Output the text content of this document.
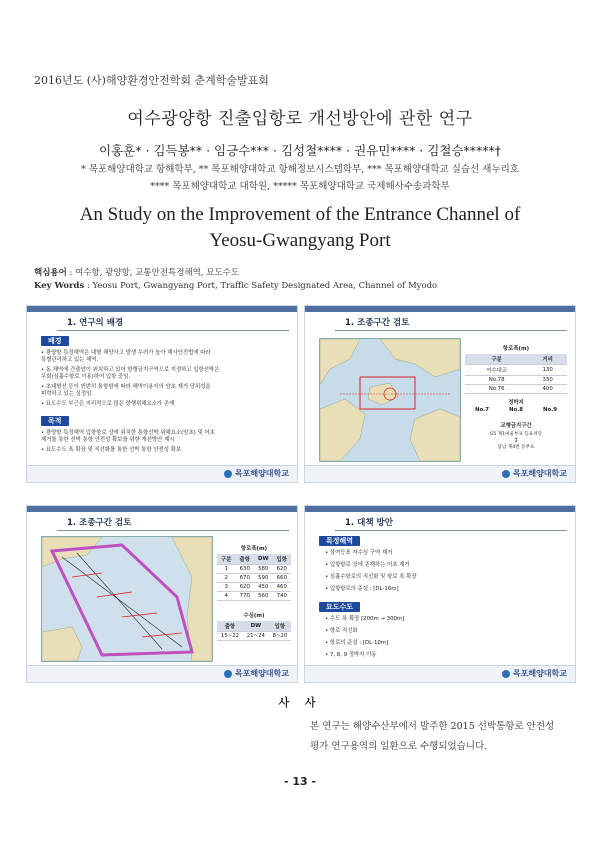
2016년도 (사)해양환경안전학회 춘계학술발표회
여수광양항 진출입항로 개선방안에 관한 연구
이홍훈* · 김득봉** · 임긍수*** · 김성철**** · 권유민**** · 김철승*****†
* 목포해양대학교 항해학부, ** 목포해양대학교 항해정보시스템학부, *** 목포해양대학교 실습선 새누리호
**** 목포해양대학교 대학원, ***** 목포해양대학교 국제해사수송과학부
An Study on the Improvement of the Entrance Channel of
Yeosu-Gwangyang Port
핵심용어 : 여수항, 광양항, 교통안전특정해역, 묘도수도
Key Words : Yeosu Port, Gwangyang Port, Traffic Safety Designated Area, Channel of Myodo
1. 연구의 배경
배경
• 광양항 특정해역은 대형 해양사고 발생 우려가 높아 해사안전법에 따라
특별관리하고 있는 해역.
• 동 해역에 간출암이 위치하고 있어 항행금지구역으로 지정하고 입항선박은
우회(심흘수항로 이용)하여 입항 중임.
• 초대형선 등이 빈번히 통항함에 따라 해역이용자의 암초 제거 당위성을
피력하고 있는 실정임.
• 묘도수도 부근은 지리적으로 많은 항행위해요소가 존재
목적
• 광양항 특정해역 입항항로 상에 위치한 통항선박 위해요소(암초) 및 어초
제거를 통한 선박 통항 안전성 확보를 위한 개선방안 제시
• 묘도수도 폭 확장 및 직선화를 통한 선박 통항 안전성 확보
목포해양대학교
1. 조종구간 검토
항로폭(m)
구분	거리
여수대교	130
No.78	330
No.76	400
정박지
No.7	No.8	No.9
교행금지구간
G5 제1여울부표 등표쉬단
↕
삼남 제4번 등부표
목포해양대학교
1. 조종구간 검토
항로폭(m)
구분	출항	DW	입항
1	630	580	620
2	670	590	660
3	620	450	460
4	770	560	740
수심(m)
출항	DW	입항
15~22	21~24	8~20
목포해양대학교
1. 대책 방안
특정해역
• 삼여등표 자수심 구역 제거
• 입항항로 상에 존재하는 어초 제거
• 심흘수항로의 직선화 및 항로 폭 확장
• 입항항로의 준설 : [DL-16m]
묘도수도
• 수도 폭 확장 [200m → 300m]
• 항로 직선화
• 항로의 준설 : [DL-10m]
• 7, 8, 9 정박지 이동
목포해양대학교
사 사
본 연구는 해양수산부에서 발주한 2015 선박통항로 안전성
평가 연구용역의 일환으로 수행되었습니다.
- 13 -
